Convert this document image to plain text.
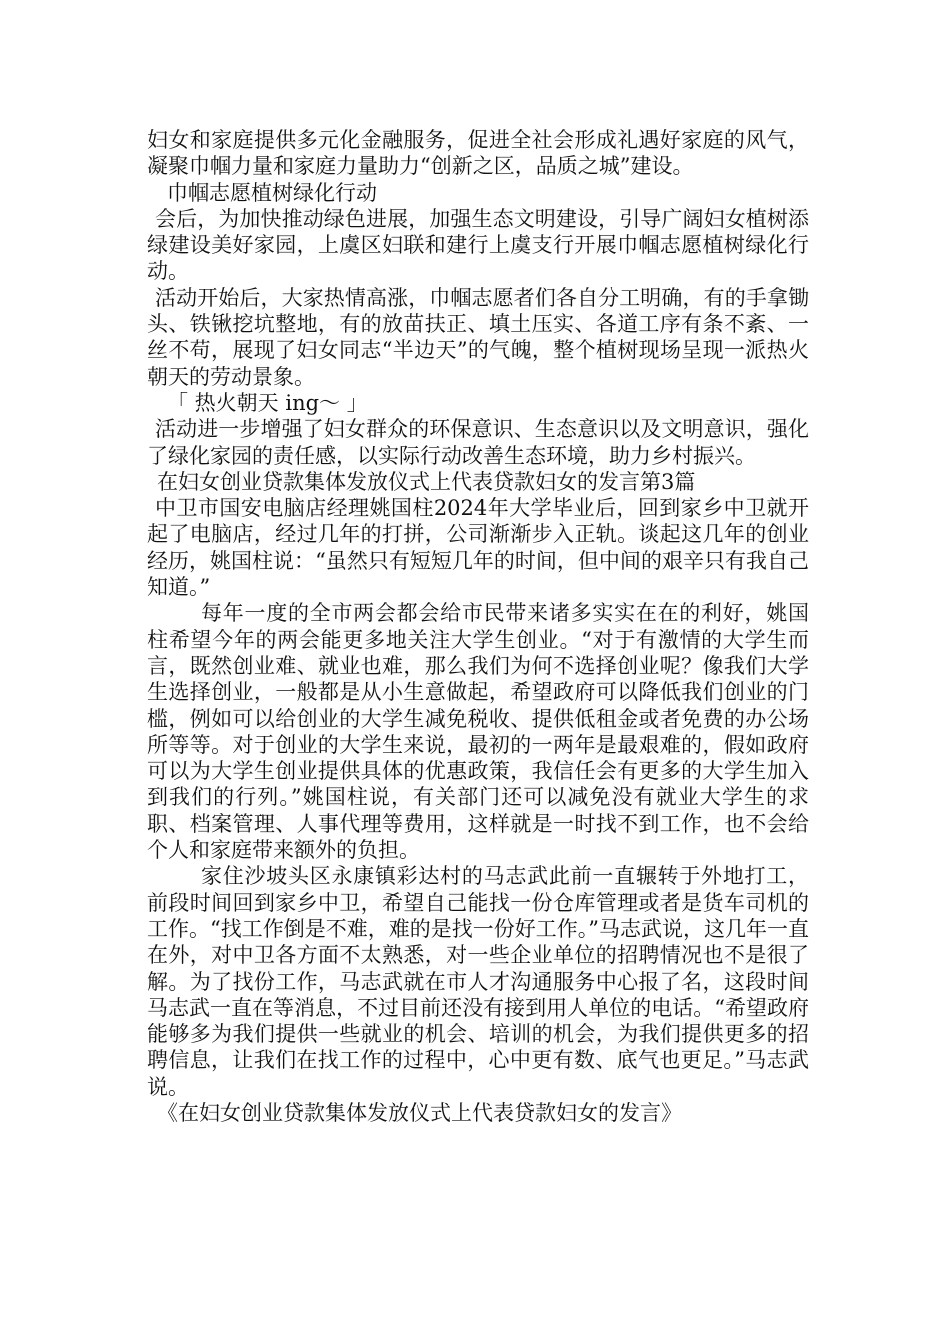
妇女和家庭提供多元化金融服务，促进全社会形成礼遇好家庭的风气，凝聚巾帼力量和家庭力量助力“创新之区，品质之城”建设。

巾帼志愿植树绿化行动

会后，为加快推动绿色进展，加强生态文明建设，引导广阔妇女植树添绿建设美好家园，上虞区妇联和建行上虞支行开展巾帼志愿植树绿化行动。

活动开始后，大家热情高涨，巾帼志愿者们各自分工明确，有的手拿锄头、铁锹挖坑整地，有的放苗扶正、填土压实、各道工序有条不紊、一丝不苟，展现了妇女同志“半边天”的气魄，整个植树现场呈现一派热火朝天的劳动景象。

「 热火朝天 ing～ 」

活动进一步增强了妇女群众的环保意识、生态意识以及文明意识，强化了绿化家园的责任感，以实际行动改善生态环境，助力乡村振兴。

在妇女创业贷款集体发放仪式上代表贷款妇女的发言第3篇

中卫市国安电脑店经理姚国柱2024年大学毕业后，回到家乡中卫就开起了电脑店，经过几年的打拼，公司渐渐步入正轨。谈起这几年的创业经历，姚国柱说：“虽然只有短短几年的时间，但中间的艰辛只有我自己知道。”

每年一度的全市两会都会给市民带来诸多实实在在的利好，姚国柱希望今年的两会能更多地关注大学生创业。“对于有激情的大学生而言，既然创业难、就业也难，那么我们为何不选择创业呢？像我们大学生选择创业，一般都是从小生意做起，希望政府可以降低我们创业的门槛，例如可以给创业的大学生减免税收、提供低租金或者免费的办公场所等等。对于创业的大学生来说，最初的一两年是最艰难的，假如政府可以为大学生创业提供具体的优惠政策，我信任会有更多的大学生加入到我们的行列。”姚国柱说，有关部门还可以减免没有就业大学生的求职、档案管理、人事代理等费用，这样就是一时找不到工作，也不会给个人和家庭带来额外的负担。

家住沙坡头区永康镇彩达村的马志武此前一直辗转于外地打工，前段时间回到家乡中卫，希望自己能找一份仓库管理或者是货车司机的工作。“找工作倒是不难，难的是找一份好工作。”马志武说，这几年一直在外，对中卫各方面不太熟悉，对一些企业单位的招聘情况也不是很了解。为了找份工作，马志武就在市人才沟通服务中心报了名，这段时间马志武一直在等消息，不过目前还没有接到用人单位的电话。“希望政府能够多为我们提供一些就业的机会、培训的机会，为我们提供更多的招聘信息，让我们在找工作的过程中，心中更有数、底气也更足。”马志武说。

《在妇女创业贷款集体发放仪式上代表贷款妇女的发言》
